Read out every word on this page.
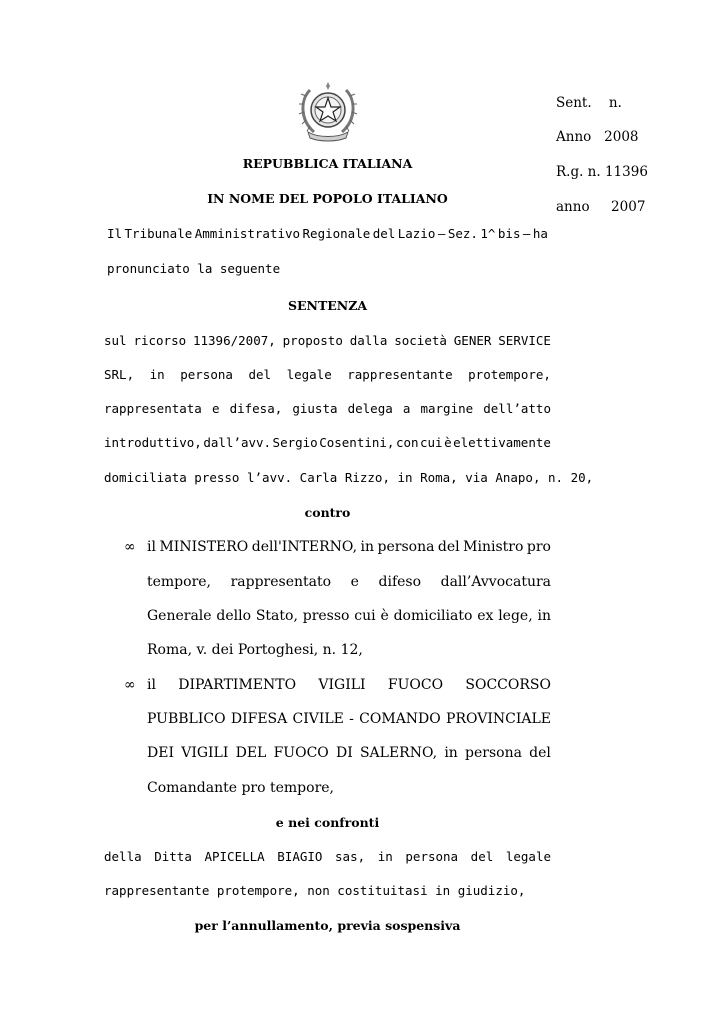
Sent. n.
Anno 2008
R.g. n. 11396
anno 2007
REPUBBLICA ITALIANA
IN NOME DEL POPOLO ITALIANO
Il Tribunale Amministrativo Regionale del Lazio – Sez. 1^ bis – ha
pronunciato la seguente
SENTENZA
sul ricorso 11396/2007, proposto dalla società GENER SERVICE
SRL, in persona del legale rappresentante protempore,
rappresentata e difesa, giusta delega a margine dell’atto
introduttivo, dall’avv. Sergio Cosentini, con cui è elettivamente
domiciliata presso l’avv. Carla Rizzo, in Roma, via Anapo, n. 20,
contro
∞ il MINISTERO dell'INTERNO, in persona del Ministro pro
tempore, rappresentato e difeso dall’Avvocatura
Generale dello Stato, presso cui è domiciliato ex lege, in
Roma, v. dei Portoghesi, n. 12,
∞ il DIPARTIMENTO VIGILI FUOCO SOCCORSO
PUBBLICO DIFESA CIVILE - COMANDO PROVINCIALE
DEI VIGILI DEL FUOCO DI SALERNO, in persona del
Comandante pro tempore,
e nei confronti
della Ditta APICELLA BIAGIO sas, in persona del legale
rappresentante protempore, non costituitasi in giudizio,
per l’annullamento, previa sospensiva
